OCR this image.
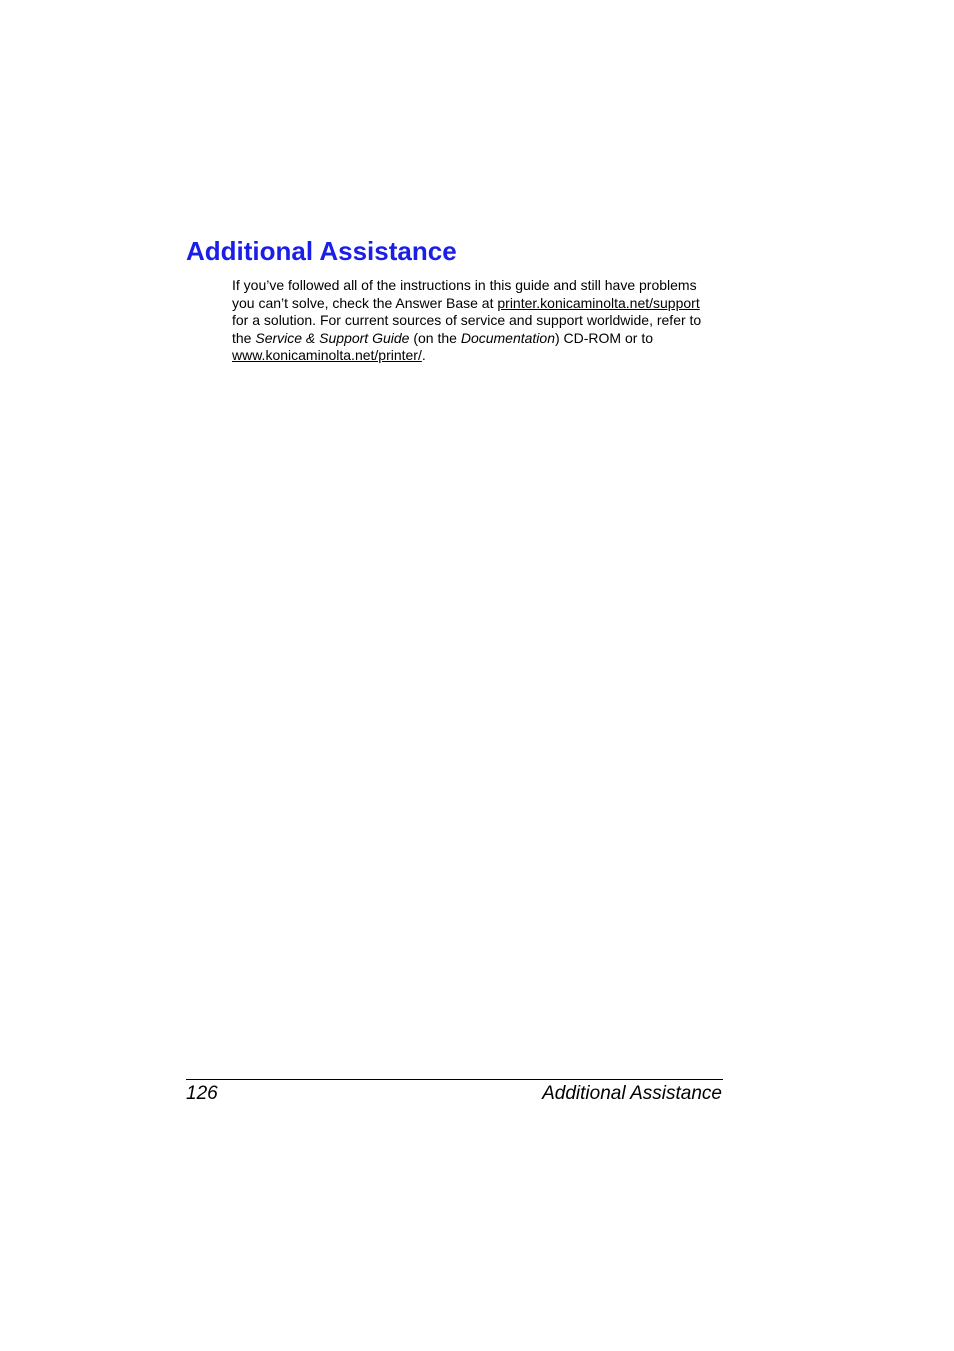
Additional Assistance

If you’ve followed all of the instructions in this guide and still have problems
you can’t solve, check the Answer Base at printer.konicaminolta.net/support
for a solution. For current sources of service and support worldwide, refer to
the Service & Support Guide (on the Documentation) CD-ROM or to
www.konicaminolta.net/printer/.

126	Additional Assistance
